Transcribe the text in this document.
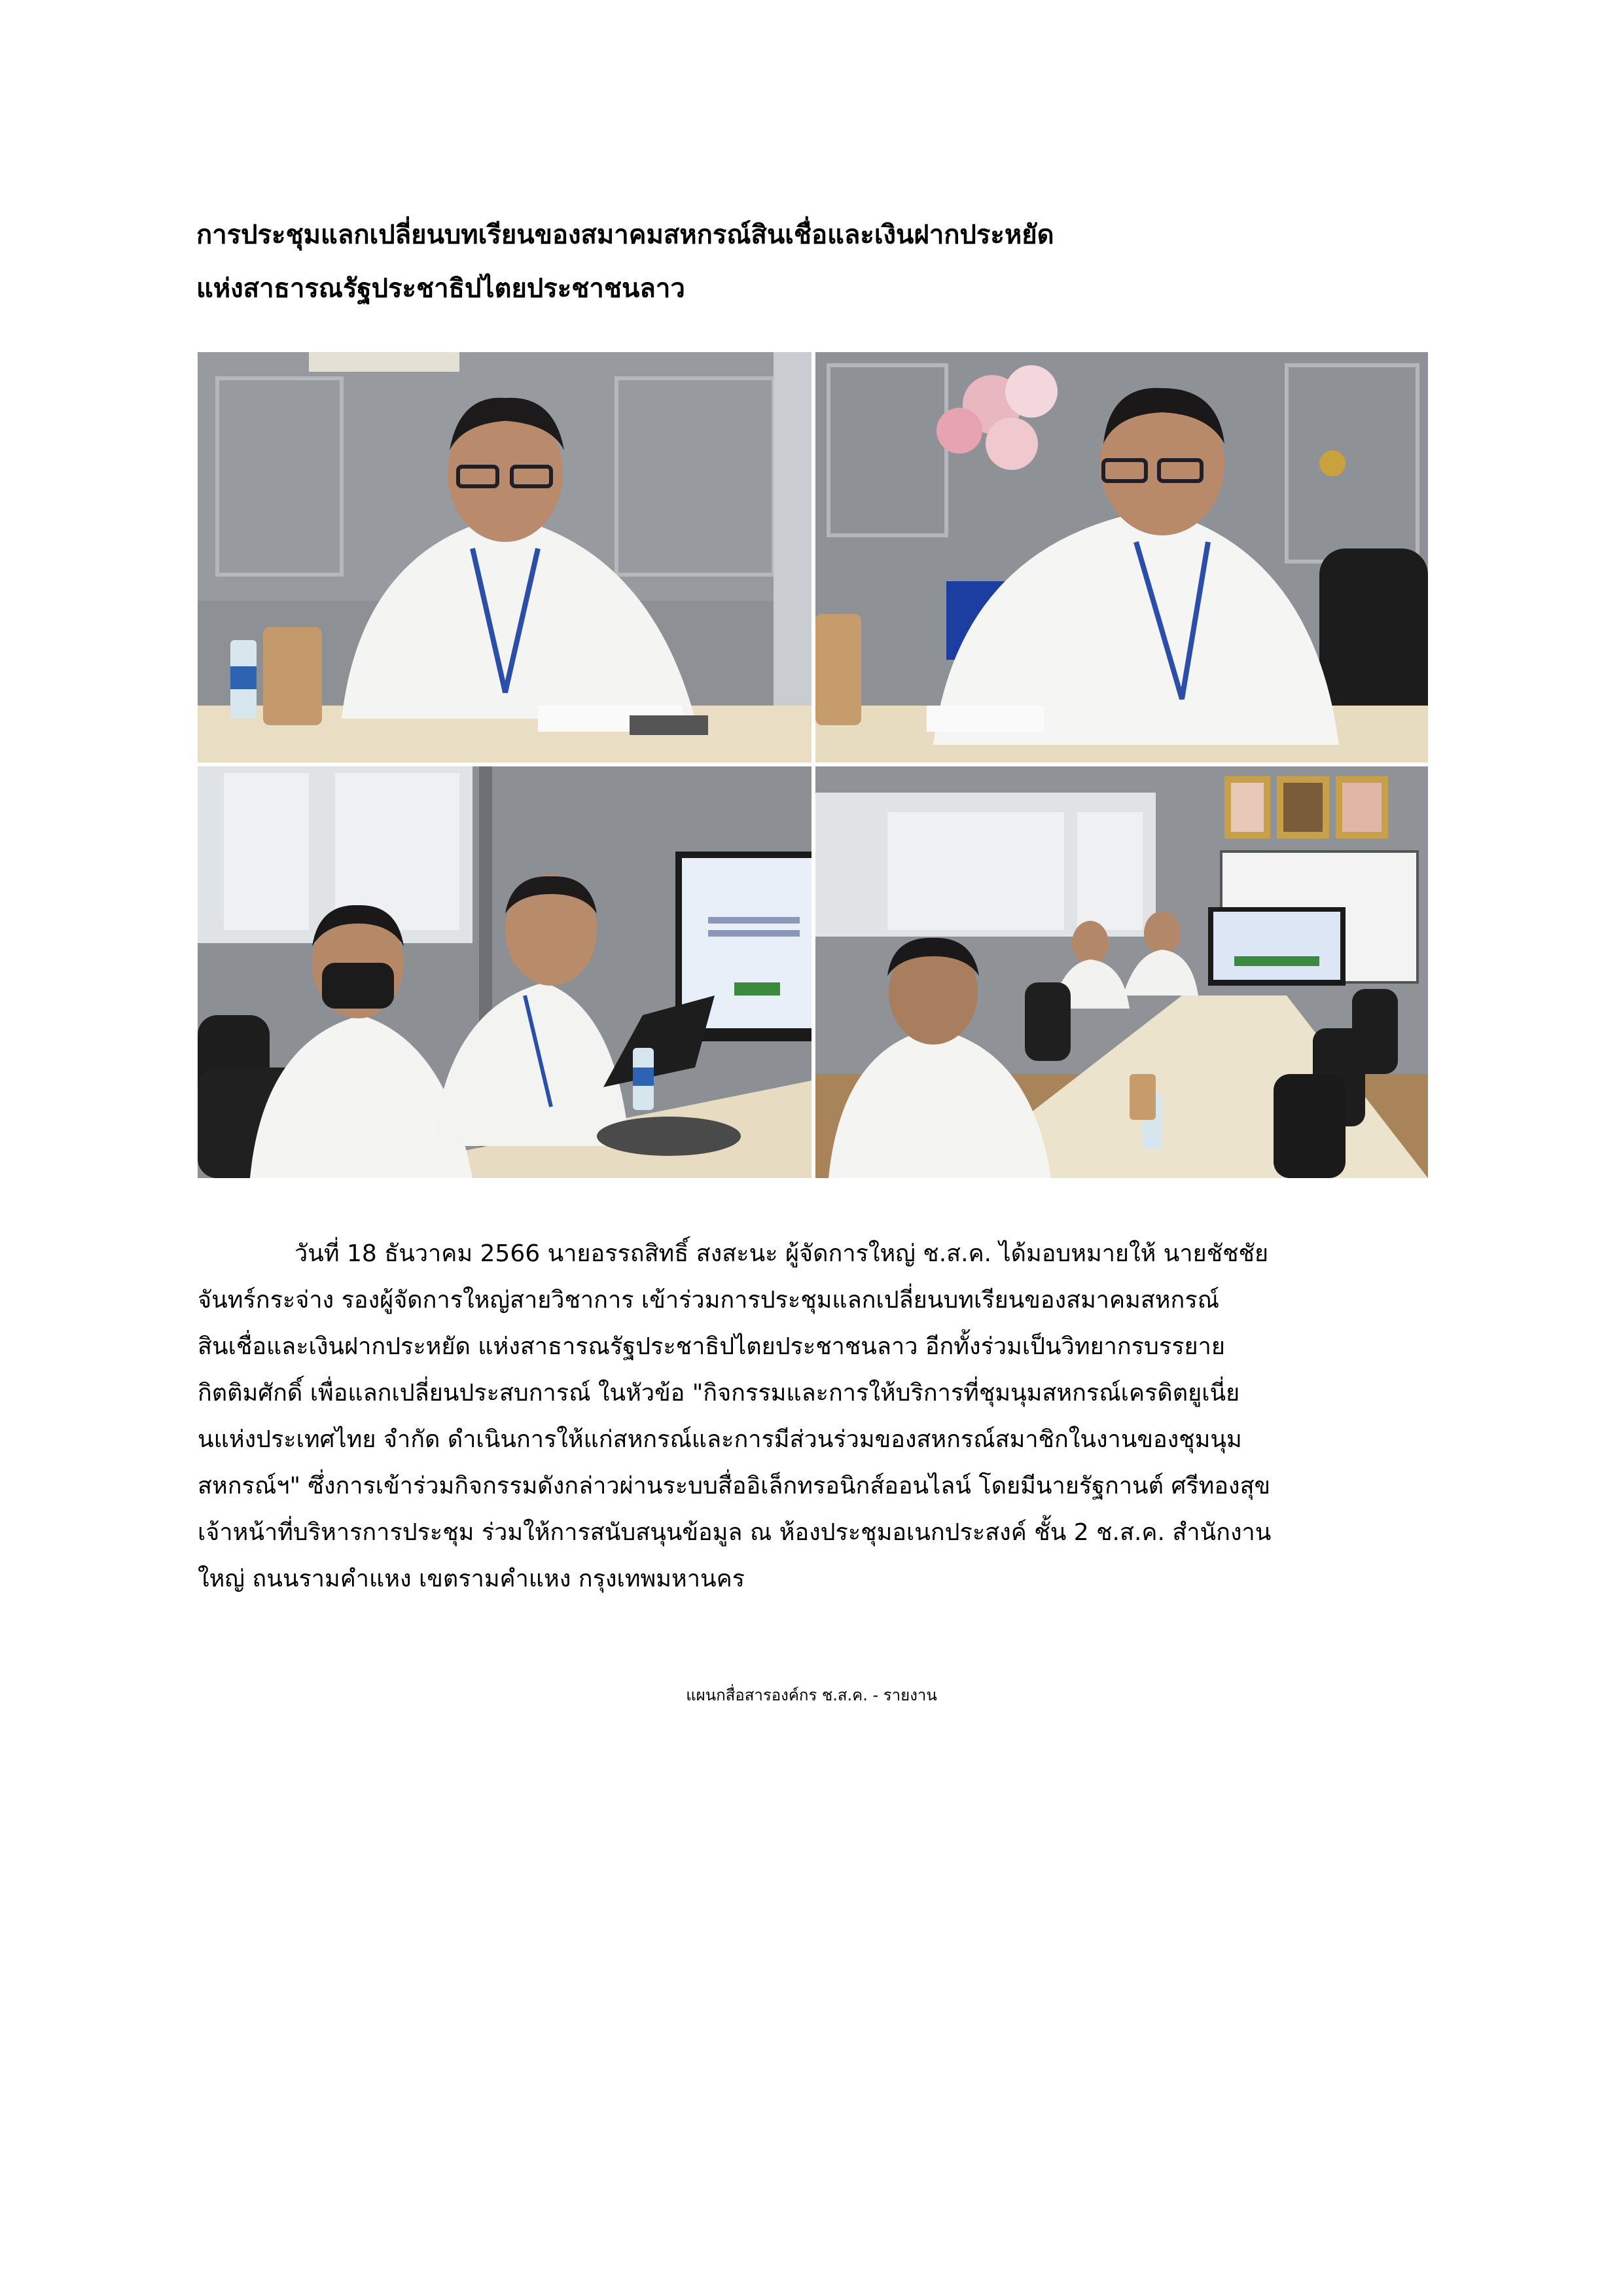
การประชุมแลกเปลี่ยนบทเรียนของสมาคมสหกรณ์สินเชื่อและเงินฝากประหยัด
แห่งสาธารณรัฐประชาธิปไตยประชาชนลาว
วันที่ 18 ธันวาคม 2566 นายอรรถสิทธิ์ สงสะนะ ผู้จัดการใหญ่ ช.ส.ค. ได้มอบหมายให้ นายชัชชัย
จันทร์กระจ่าง รองผู้จัดการใหญ่สายวิชาการ เข้าร่วมการประชุมแลกเปลี่ยนบทเรียนของสมาคมสหกรณ์
สินเชื่อและเงินฝากประหยัด แห่งสาธารณรัฐประชาธิปไตยประชาชนลาว อีกทั้งร่วมเป็นวิทยากรบรรยาย
กิตติมศักดิ์ เพื่อแลกเปลี่ยนประสบการณ์ ในหัวข้อ "กิจกรรมและการให้บริการที่ชุมนุมสหกรณ์เครดิตยูเนี่ย
นแห่งประเทศไทย จำกัด ดำเนินการให้แก่สหกรณ์และการมีส่วนร่วมของสหกรณ์สมาชิกในงานของชุมนุม
สหกรณ์ฯ" ซึ่งการเข้าร่วมกิจกรรมดังกล่าวผ่านระบบสื่ออิเล็กทรอนิกส์ออนไลน์ โดยมีนายรัฐกานต์ ศรีทองสุข
เจ้าหน้าที่บริหารการประชุม ร่วมให้การสนับสนุนข้อมูล ณ ห้องประชุมอเนกประสงค์ ชั้น 2 ช.ส.ค. สำนักงาน
ใหญ่ ถนนรามคำแหง เขตรามคำแหง กรุงเทพมหานคร
แผนกสื่อสารองค์กร ช.ส.ค. - รายงาน
